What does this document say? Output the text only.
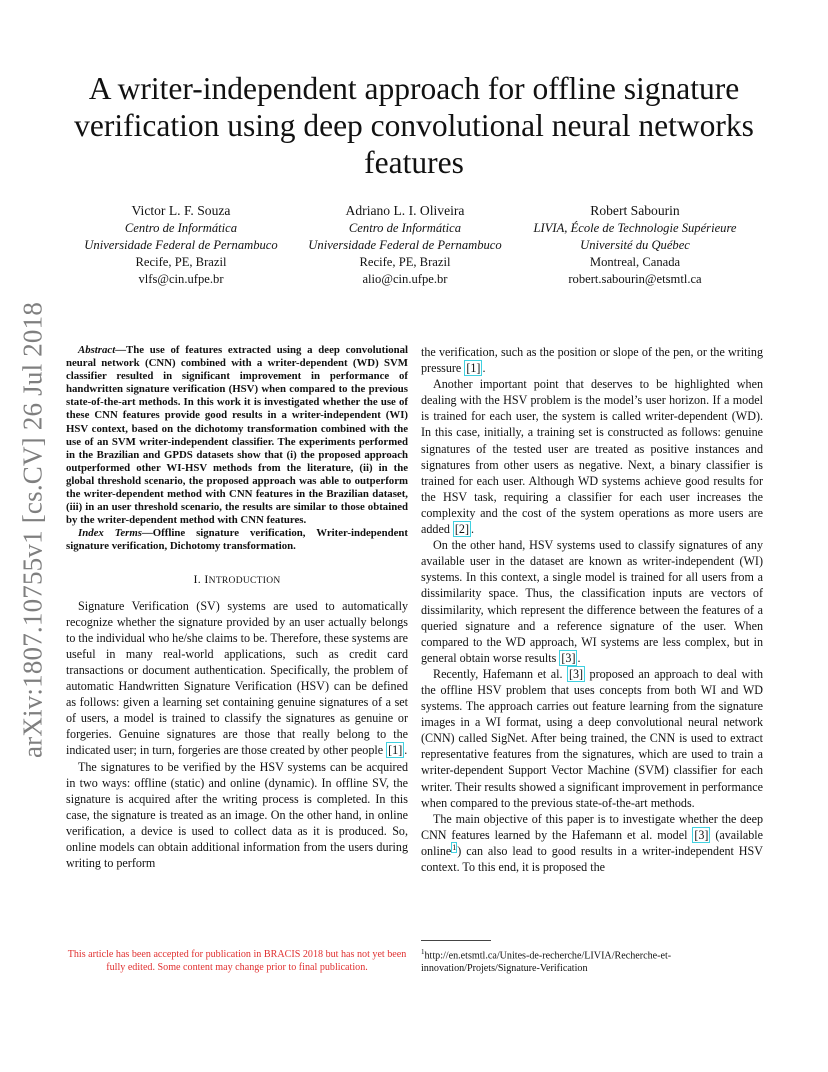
arXiv:1807.10755v1 [cs.CV] 26 Jul 2018
A writer-independent approach for offline signature verification using deep convolutional neural networks features
Victor L. F. Souza
Centro de Informática
Universidade Federal de Pernambuco
Recife, PE, Brazil
vlfs@cin.ufpe.br
Adriano L. I. Oliveira
Centro de Informática
Universidade Federal de Pernambuco
Recife, PE, Brazil
alio@cin.ufpe.br
Robert Sabourin
LIVIA, École de Technologie Supérieure
Université du Québec
Montreal, Canada
robert.sabourin@etsmtl.ca

Abstract—The use of features extracted using a deep convolutional neural network (CNN) combined with a writer-dependent (WD) SVM classifier resulted in significant improvement in performance of handwritten signature verification (HSV) when compared to the previous state-of-the-art methods. In this work it is investigated whether the use of these CNN features provide good results in a writer-independent (WI) HSV context, based on the dichotomy transformation combined with the use of an SVM writer-independent classifier. The experiments performed in the Brazilian and GPDS datasets show that (i) the proposed approach outperformed other WI-HSV methods from the literature, (ii) in the global threshold scenario, the proposed approach was able to outperform the writer-dependent method with CNN features in the Brazilian dataset, (iii) in an user threshold scenario, the results are similar to those obtained by the writer-dependent method with CNN features.

Index Terms—Offline signature verification, Writer-independent signature verification, Dichotomy transformation.

I. INTRODUCTION

Signature Verification (SV) systems are used to automatically recognize whether the signature provided by an user actually belongs to the individual who he/she claims to be. Therefore, these systems are useful in many real-world applications, such as credit card transactions or document authentication. Specifically, the problem of automatic Handwritten Signature Verification (HSV) can be defined as follows: given a learning set containing genuine signatures of a set of users, a model is trained to classify the signatures as genuine or forgeries. Genuine signatures are those that really belong to the indicated user; in turn, forgeries are those created by other people [1] .

The signatures to be verified by the HSV systems can be acquired in two ways: offline (static) and online (dynamic). In offline SV, the signature is acquired after the writing process is completed. In this case, the signature is treated as an image. On the other hand, in online verification, a device is used to collect data as it is produced. So, online models can obtain additional information from the users during writing to perform

the verification, such as the position or slope of the pen, or the writing pressure [1] .

Another important point that deserves to be highlighted when dealing with the HSV problem is the model’s user horizon. If a model is trained for each user, the system is called writer-dependent (WD). In this case, initially, a training set is constructed as follows: genuine signatures of the tested user are treated as positive instances and signatures from other users as negative. Next, a binary classifier is trained for each user. Although WD systems achieve good results for the HSV task, requiring a classifier for each user increases the complexity and the cost of the system operations as more users are added [2] .

On the other hand, HSV systems used to classify signatures of any available user in the dataset are known as writer-independent (WI) systems. In this context, a single model is trained for all users from a dissimilarity space. Thus, the classification inputs are vectors of dissimilarity, which represent the difference between the features of a queried signature and a reference signature of the user. When compared to the WD approach, WI systems are less complex, but in general obtain worse results [3] .

Recently, Hafemann et al. [3] proposed an approach to deal with the offline HSV problem that uses concepts from both WI and WD systems. The approach carries out feature learning from the signature images in a WI format, using a deep convolutional neural network (CNN) called SigNet. After being trained, the CNN is used to extract representative features from the signatures, which are used to train a writer-dependent Support Vector Machine (SVM) classifier for each writer. Their results showed a significant improvement in performance when compared to the previous state-of-the-art methods.

The main objective of this paper is to investigate whether the deep CNN features learned by the Hafemann et al. model [3] (available online$^1$) can also lead to good results in a writer-independent HSV context. To this end, it is proposed the

This article has been accepted for publication in BRACIS 2018 but has not yet been fully edited. Some content may change prior to final publication.
$^1$http://en.etsmtl.ca/Unites-de-recherche/LIVIA/Recherche-et-innovation/Projets/Signature-Verification
